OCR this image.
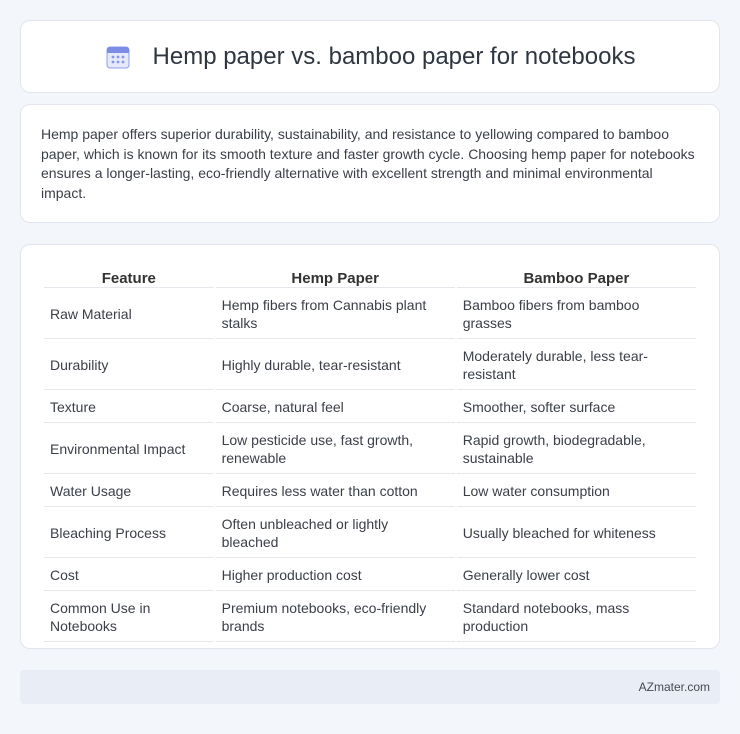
Hemp paper vs. bamboo paper for notebooks

Hemp paper offers superior durability, sustainability, and resistance to yellowing compared to bamboo paper, which is known for its smooth texture and faster growth cycle. Choosing hemp paper for notebooks ensures a longer-lasting, eco-friendly alternative with excellent strength and minimal environmental impact.

Feature	Hemp Paper	Bamboo Paper
Raw Material	Hemp fibers from Cannabis plant stalks	Bamboo fibers from bamboo grasses
Durability	Highly durable, tear-resistant	Moderately durable, less tear-resistant
Texture	Coarse, natural feel	Smoother, softer surface
Environmental Impact	Low pesticide use, fast growth, renewable	Rapid growth, biodegradable, sustainable
Water Usage	Requires less water than cotton	Low water consumption
Bleaching Process	Often unbleached or lightly bleached	Usually bleached for whiteness
Cost	Higher production cost	Generally lower cost
Common Use in Notebooks	Premium notebooks, eco-friendly brands	Standard notebooks, mass production
AZmater.com
